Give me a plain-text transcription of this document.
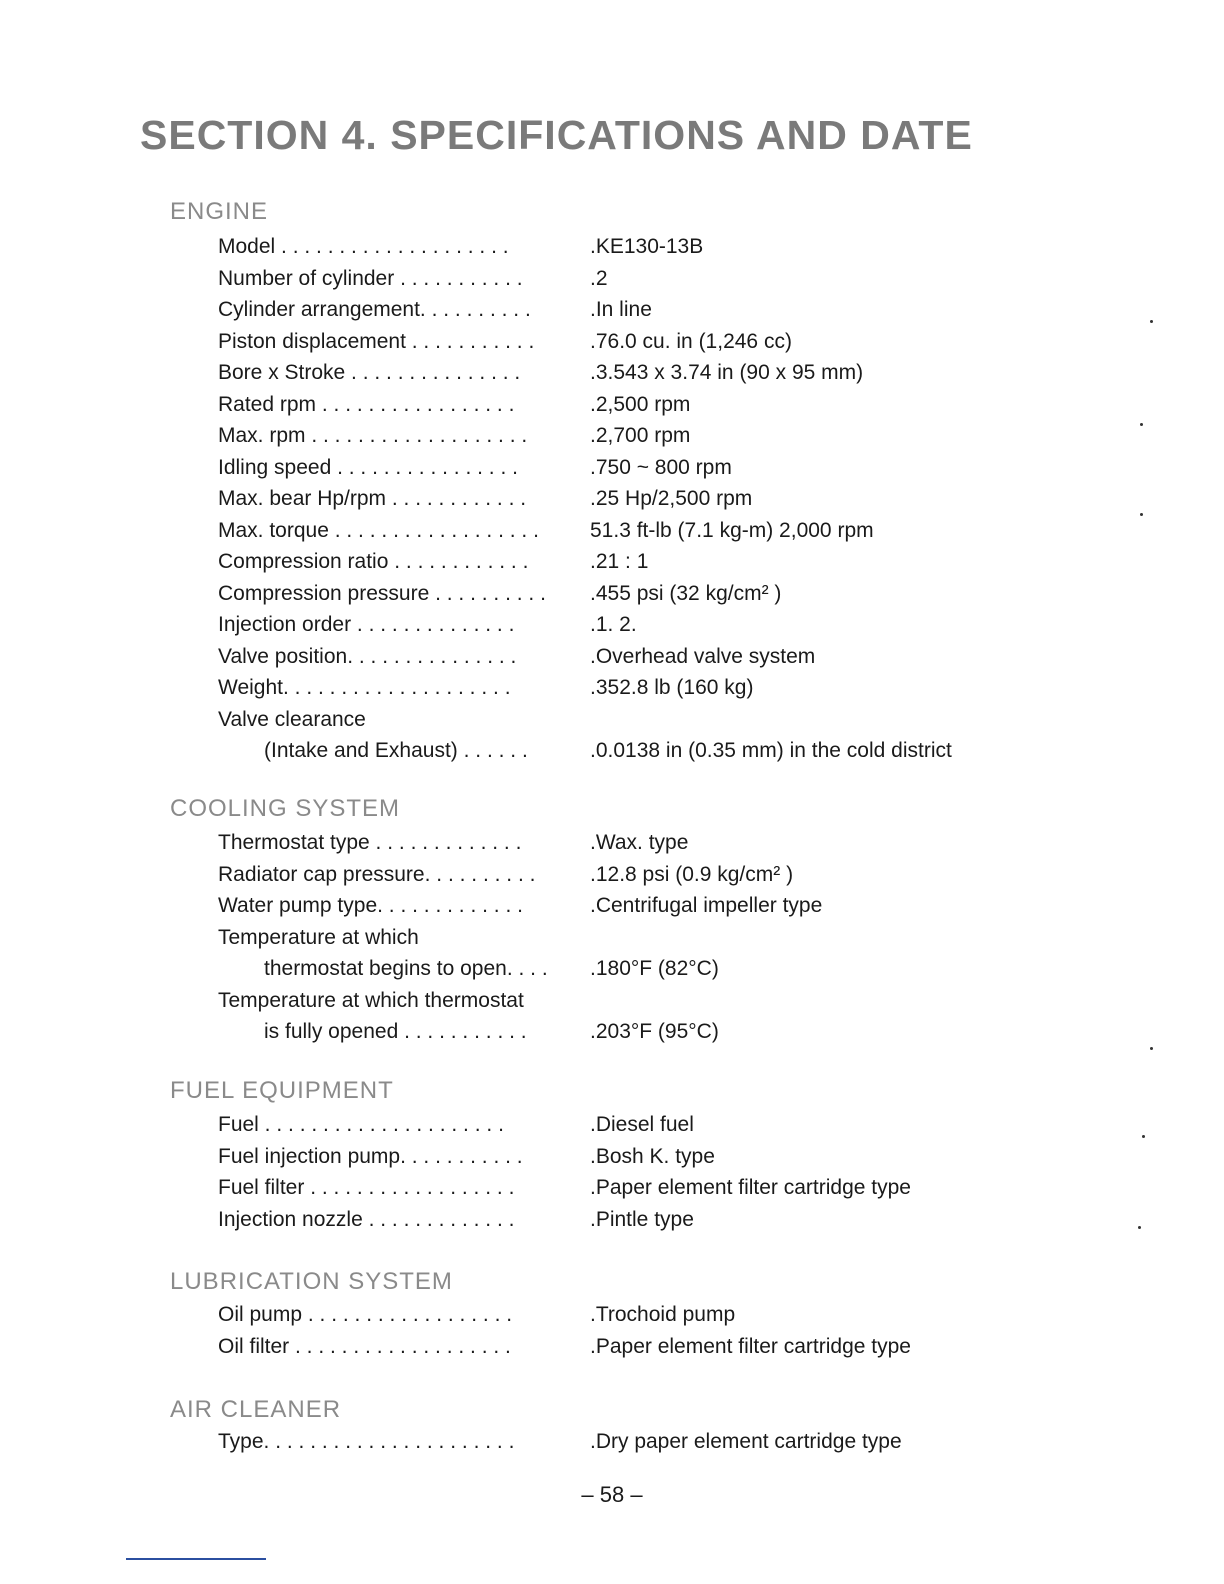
SECTION 4. SPECIFICATIONS AND DATE
ENGINE
Model . . . . . . . . . . . . . . . . . . . .	.KE130-13B
Number of cylinder . . . . . . . . . . .	.2
Cylinder arrangement. . . . . . . . . .	.In line
Piston displacement . . . . . . . . . . .	.76.0 cu. in (1,246 cc)
Bore x Stroke . . . . . . . . . . . . . . .	.3.543 x 3.74 in (90 x 95 mm)
Rated rpm . . . . . . . . . . . . . . . . .	.2,500 rpm
Max. rpm . . . . . . . . . . . . . . . . . . .	.2,700 rpm
Idling speed . . . . . . . . . . . . . . . .	.750 ~ 800 rpm
Max. bear Hp/rpm . . . . . . . . . . . .	.25 Hp/2,500 rpm
Max. torque . . . . . . . . . . . . . . . . . . 51.3 ft-lb (7.1 kg-m) 2,000 rpm
Compression ratio . . . . . . . . . . . .	.21 : 1
Compression pressure . . . . . . . . . . .455 psi (32 kg/cm² )
Injection order . . . . . . . . . . . . . .	.1. 2.
Valve position. . . . . . . . . . . . . . .	.Overhead valve system
Weight. . . . . . . . . . . . . . . . . . . .	.352.8 lb (160 kg)
Valve clearance
(Intake and Exhaust) . . . . . .	.0.0138 in (0.35 mm) in the cold district
COOLING SYSTEM
Thermostat type . . . . . . . . . . . . .	.Wax. type
Radiator cap pressure. . . . . . . . . .	.12.8 psi (0.9 kg/cm² )
Water pump type. . . . . . . . . . . . .	.Centrifugal impeller type
Temperature at which
thermostat begins to open. . . . .180°F (82°C)
Temperature at which thermostat
is fully opened . . . . . . . . . . .	.203°F (95°C)
FUEL EQUIPMENT
Fuel . . . . . . . . . . . . . . . . . . . . .	.Diesel fuel
Fuel injection pump. . . . . . . . . . .	.Bosh K. type
Fuel filter . . . . . . . . . . . . . . . . . .	.Paper element filter cartridge type
Injection nozzle . . . . . . . . . . . . .	.Pintle type
LUBRICATION SYSTEM
Oil pump . . . . . . . . . . . . . . . . . .	.Trochoid pump
Oil filter . . . . . . . . . . . . . . . . . . .	.Paper element filter cartridge type
AIR CLEANER
Type. . . . . . . . . . . . . . . . . . . . . .	.Dry paper element cartridge type
– 58 –
